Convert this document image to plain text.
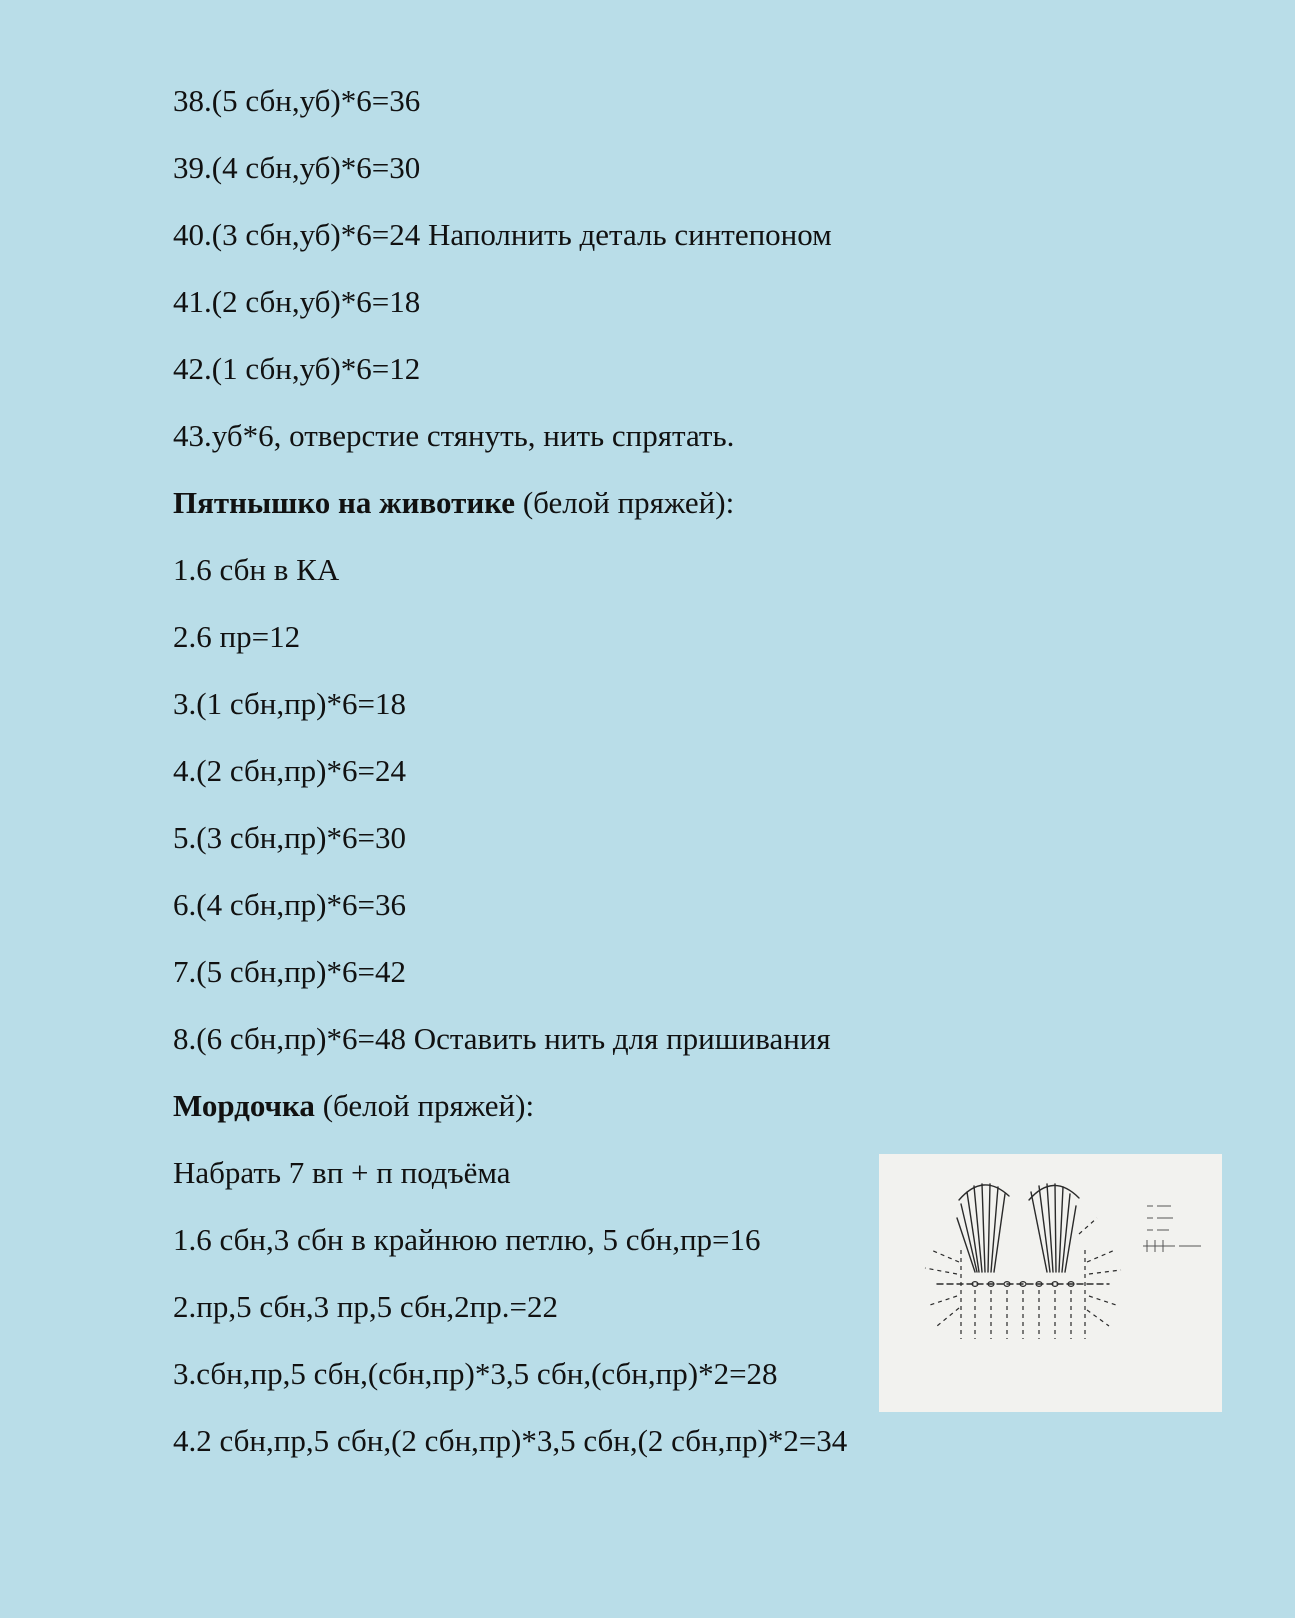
38.(5 сбн,уб)*6=36
39.(4 сбн,уб)*6=30
40.(3 сбн,уб)*6=24 Наполнить деталь синтепоном
41.(2 сбн,уб)*6=18
42.(1 сбн,уб)*6=12
43.уб*6, отверстие стянуть, нить спрятать.
Пятнышко на животике (белой пряжей):
1.6 сбн в КА
2.6 пр=12
3.(1 сбн,пр)*6=18
4.(2 сбн,пр)*6=24
5.(3 сбн,пр)*6=30
6.(4 сбн,пр)*6=36
7.(5 сбн,пр)*6=42
8.(6 сбн,пр)*6=48 Оставить нить для пришивания
Мордочка (белой пряжей):
Набрать 7 вп + п подъёма
1.6 сбн,3 сбн в крайнюю петлю, 5 сбн,пр=16
2.пр,5 сбн,3 пр,5 сбн,2пр.=22
3.сбн,пр,5 сбн,(сбн,пр)*3,5 сбн,(сбн,пр)*2=28
4.2 сбн,пр,5 сбн,(2 сбн,пр)*3,5 сбн,(2 сбн,пр)*2=34
